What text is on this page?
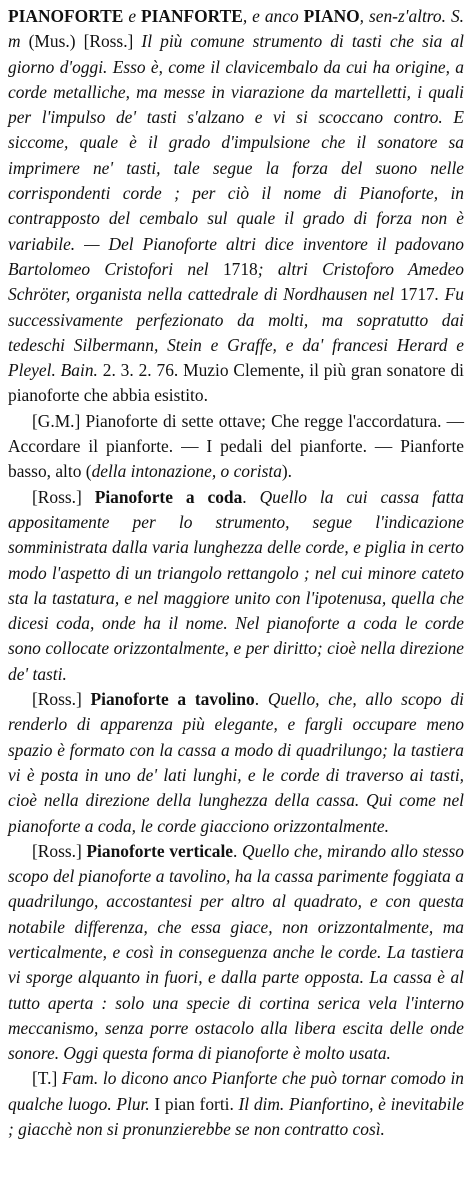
PIANOFORTE e PIANFORTE, e anco PIANO, sen-z'altro. S. m (Mus.) [Ross.] Il più comune strumento di tasti che sia al giorno d'oggi. Esso è, come il clavicembalo da cui ha origine, a corde metalliche, ma messe in viarazione da martelletti, i quali per l'impulso de' tasti s'alzano e vi si scoccano contro. E siccome, quale è il grado d'impulsione che il sonatore sa imprimere ne' tasti, tale segue la forza del suono nelle corrispondenti corde ; per ciò il nome di Pianoforte, in contrapposto del cembalo sul quale il grado di forza non è variabile. — Del Pianoforte altri dice inventore il padovano Bartolomeo Cristofori nel 1718; altri Cristoforo Amedeo Schröter, organista nella cattedrale di Nordhausen nel 1717. Fu successivamente perfezionato da molti, ma sopratutto dai tedeschi Silbermann, Stein e Graffe, e da' francesi Herard e Pleyel. Bain. 2. 3. 2. 76. Muzio Clemente, il più gran sonatore di pianoforte che abbia esistito.

[G.M.] Pianoforte di sette ottave; Che regge l'accordatura. — Accordare il pianforte. — I pedali del pianforte. — Pianforte basso, alto (della intonazione, o corista).

[Ross.] Pianoforte a coda. Quello la cui cassa fatta appositamente per lo strumento, segue l'indicazione somministrata dalla varia lunghezza delle corde, e piglia in certo modo l'aspetto di un triangolo rettangolo ; nel cui minore cateto sta la tastatura, e nel maggiore unito con l'ipotenusa, quella che dicesi coda, onde ha il nome. Nel pianoforte a coda le corde sono collocate orizzontalmente, e per diritto; cioè nella direzione de' tasti.

[Ross.] Pianoforte a tavolino. Quello, che, allo scopo di renderlo di apparenza più elegante, e fargli occupare meno spazio è formato con la cassa a modo di quadrilungo; la tastiera vi è posta in uno de' lati lunghi, e le corde di traverso ai tasti, cioè nella direzione della lunghezza della cassa. Qui come nel pianoforte a coda, le corde giacciono orizzontalmente.

[Ross.] Pianoforte verticale. Quello che, mirando allo stesso scopo del pianoforte a tavolino, ha la cassa parimente foggiata a quadrilungo, accostantesi per altro al quadrato, e con questa notabile differenza, che essa giace, non orizzontalmente, ma verticalmente, e così in conseguenza anche le corde. La tastiera vi sporge alquanto in fuori, e dalla parte opposta. La cassa è al tutto aperta : solo una specie di cortina serica vela l'interno meccanismo, senza porre ostacolo alla libera escita delle onde sonore. Oggi questa forma di pianoforte è molto usata.

[T.] Fam. lo dicono anco Pianforte che può tornar comodo in qualche luogo. Plur. I pian forti. Il dim. Pianfortino, è inevitabile ; giacchè non si pronunzierebbe se non contratto così.
